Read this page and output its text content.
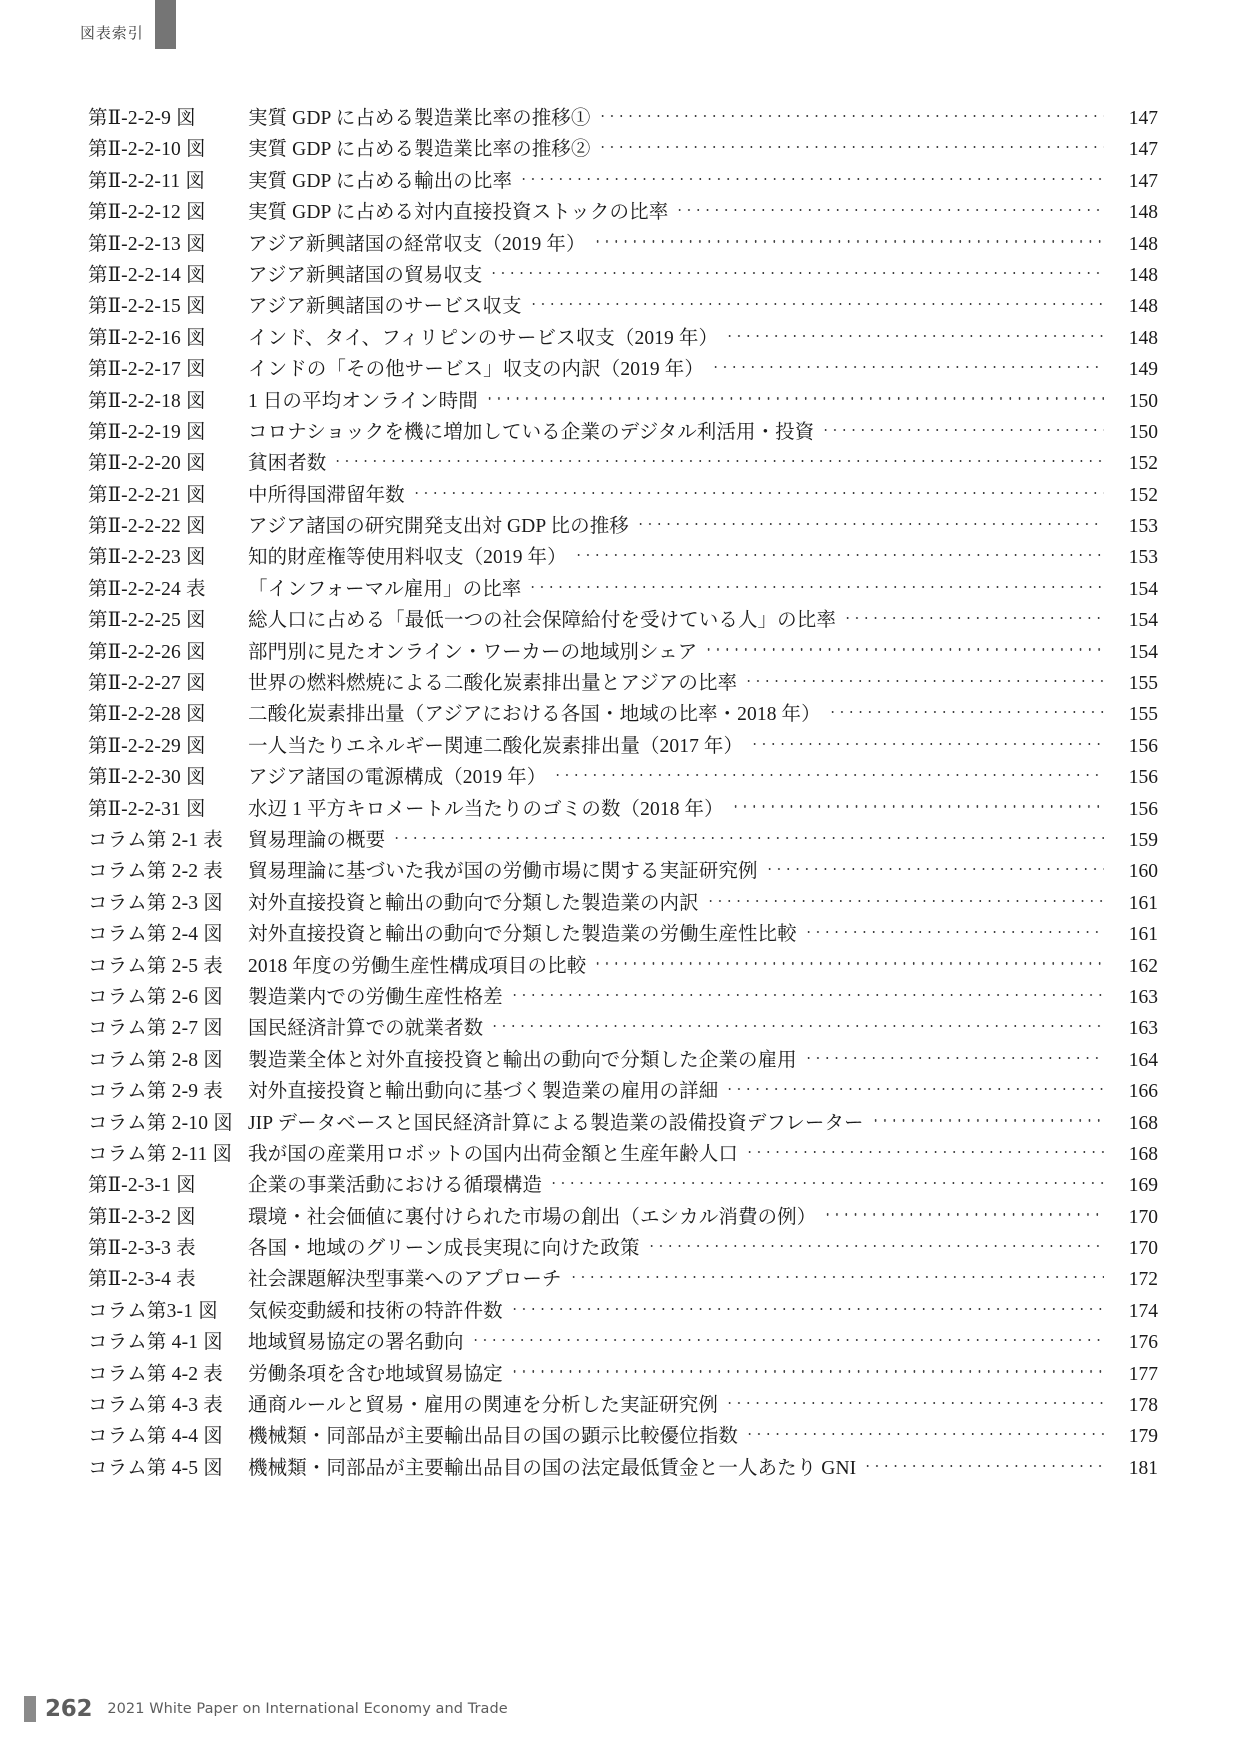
図表索引
第Ⅱ-2-2-9 図	実質 GDP に占める製造業比率の推移①	147
第Ⅱ-2-2-10 図	実質 GDP に占める製造業比率の推移②	147
第Ⅱ-2-2-11 図	実質 GDP に占める輸出の比率	147
第Ⅱ-2-2-12 図	実質 GDP に占める対内直接投資ストックの比率	148
第Ⅱ-2-2-13 図	アジア新興諸国の経常収支（2019 年）	148
第Ⅱ-2-2-14 図	アジア新興諸国の貿易収支	148
第Ⅱ-2-2-15 図	アジア新興諸国のサービス収支	148
第Ⅱ-2-2-16 図	インド、タイ、フィリピンのサービス収支（2019 年）	148
第Ⅱ-2-2-17 図	インドの「その他サービス」収支の内訳（2019 年）	149
第Ⅱ-2-2-18 図	1 日の平均オンライン時間	150
第Ⅱ-2-2-19 図	コロナショックを機に増加している企業のデジタル利活用・投資	150
第Ⅱ-2-2-20 図	貧困者数	152
第Ⅱ-2-2-21 図	中所得国滞留年数	152
第Ⅱ-2-2-22 図	アジア諸国の研究開発支出対 GDP 比の推移	153
第Ⅱ-2-2-23 図	知的財産権等使用料収支（2019 年）	153
第Ⅱ-2-2-24 表	「インフォーマル雇用」の比率	154
第Ⅱ-2-2-25 図	総人口に占める「最低一つの社会保障給付を受けている人」の比率	154
第Ⅱ-2-2-26 図	部門別に見たオンライン・ワーカーの地域別シェア	154
第Ⅱ-2-2-27 図	世界の燃料燃焼による二酸化炭素排出量とアジアの比率	155
第Ⅱ-2-2-28 図	二酸化炭素排出量（アジアにおける各国・地域の比率・2018 年）	155
第Ⅱ-2-2-29 図	一人当たりエネルギー関連二酸化炭素排出量（2017 年）	156
第Ⅱ-2-2-30 図	アジア諸国の電源構成（2019 年）	156
第Ⅱ-2-2-31 図	水辺 1 平方キロメートル当たりのゴミの数（2018 年）	156
コラム第 2-1 表	貿易理論の概要	159
コラム第 2-2 表	貿易理論に基づいた我が国の労働市場に関する実証研究例	160
コラム第 2-3 図	対外直接投資と輸出の動向で分類した製造業の内訳	161
コラム第 2-4 図	対外直接投資と輸出の動向で分類した製造業の労働生産性比較	161
コラム第 2-5 表	2018 年度の労働生産性構成項目の比較	162
コラム第 2-6 図	製造業内での労働生産性格差	163
コラム第 2-7 図	国民経済計算での就業者数	163
コラム第 2-8 図	製造業全体と対外直接投資と輸出の動向で分類した企業の雇用	164
コラム第 2-9 表	対外直接投資と輸出動向に基づく製造業の雇用の詳細	166
コラム第 2-10 図 JIP データベースと国民経済計算による製造業の設備投資デフレーター	168
コラム第 2-11 図 我が国の産業用ロボットの国内出荷金額と生産年齢人口	168
第Ⅱ-2-3-1 図	企業の事業活動における循環構造	169
第Ⅱ-2-3-2 図	環境・社会価値に裏付けられた市場の創出（エシカル消費の例）	170
第Ⅱ-2-3-3 表	各国・地域のグリーン成長実現に向けた政策	170
第Ⅱ-2-3-4 表	社会課題解決型事業へのアプローチ	172
コラム第3-1 図	気候変動緩和技術の特許件数	174
コラム第 4-1 図	地域貿易協定の署名動向	176
コラム第 4-2 表	労働条項を含む地域貿易協定	177
コラム第 4-3 表	通商ルールと貿易・雇用の関連を分析した実証研究例	178
コラム第 4-4 図	機械類・同部品が主要輸出品目の国の顕示比較優位指数	179
コラム第 4-5 図	機械類・同部品が主要輸出品目の国の法定最低賃金と一人あたり GNI	181
262 2021 White Paper on International Economy and Trade
